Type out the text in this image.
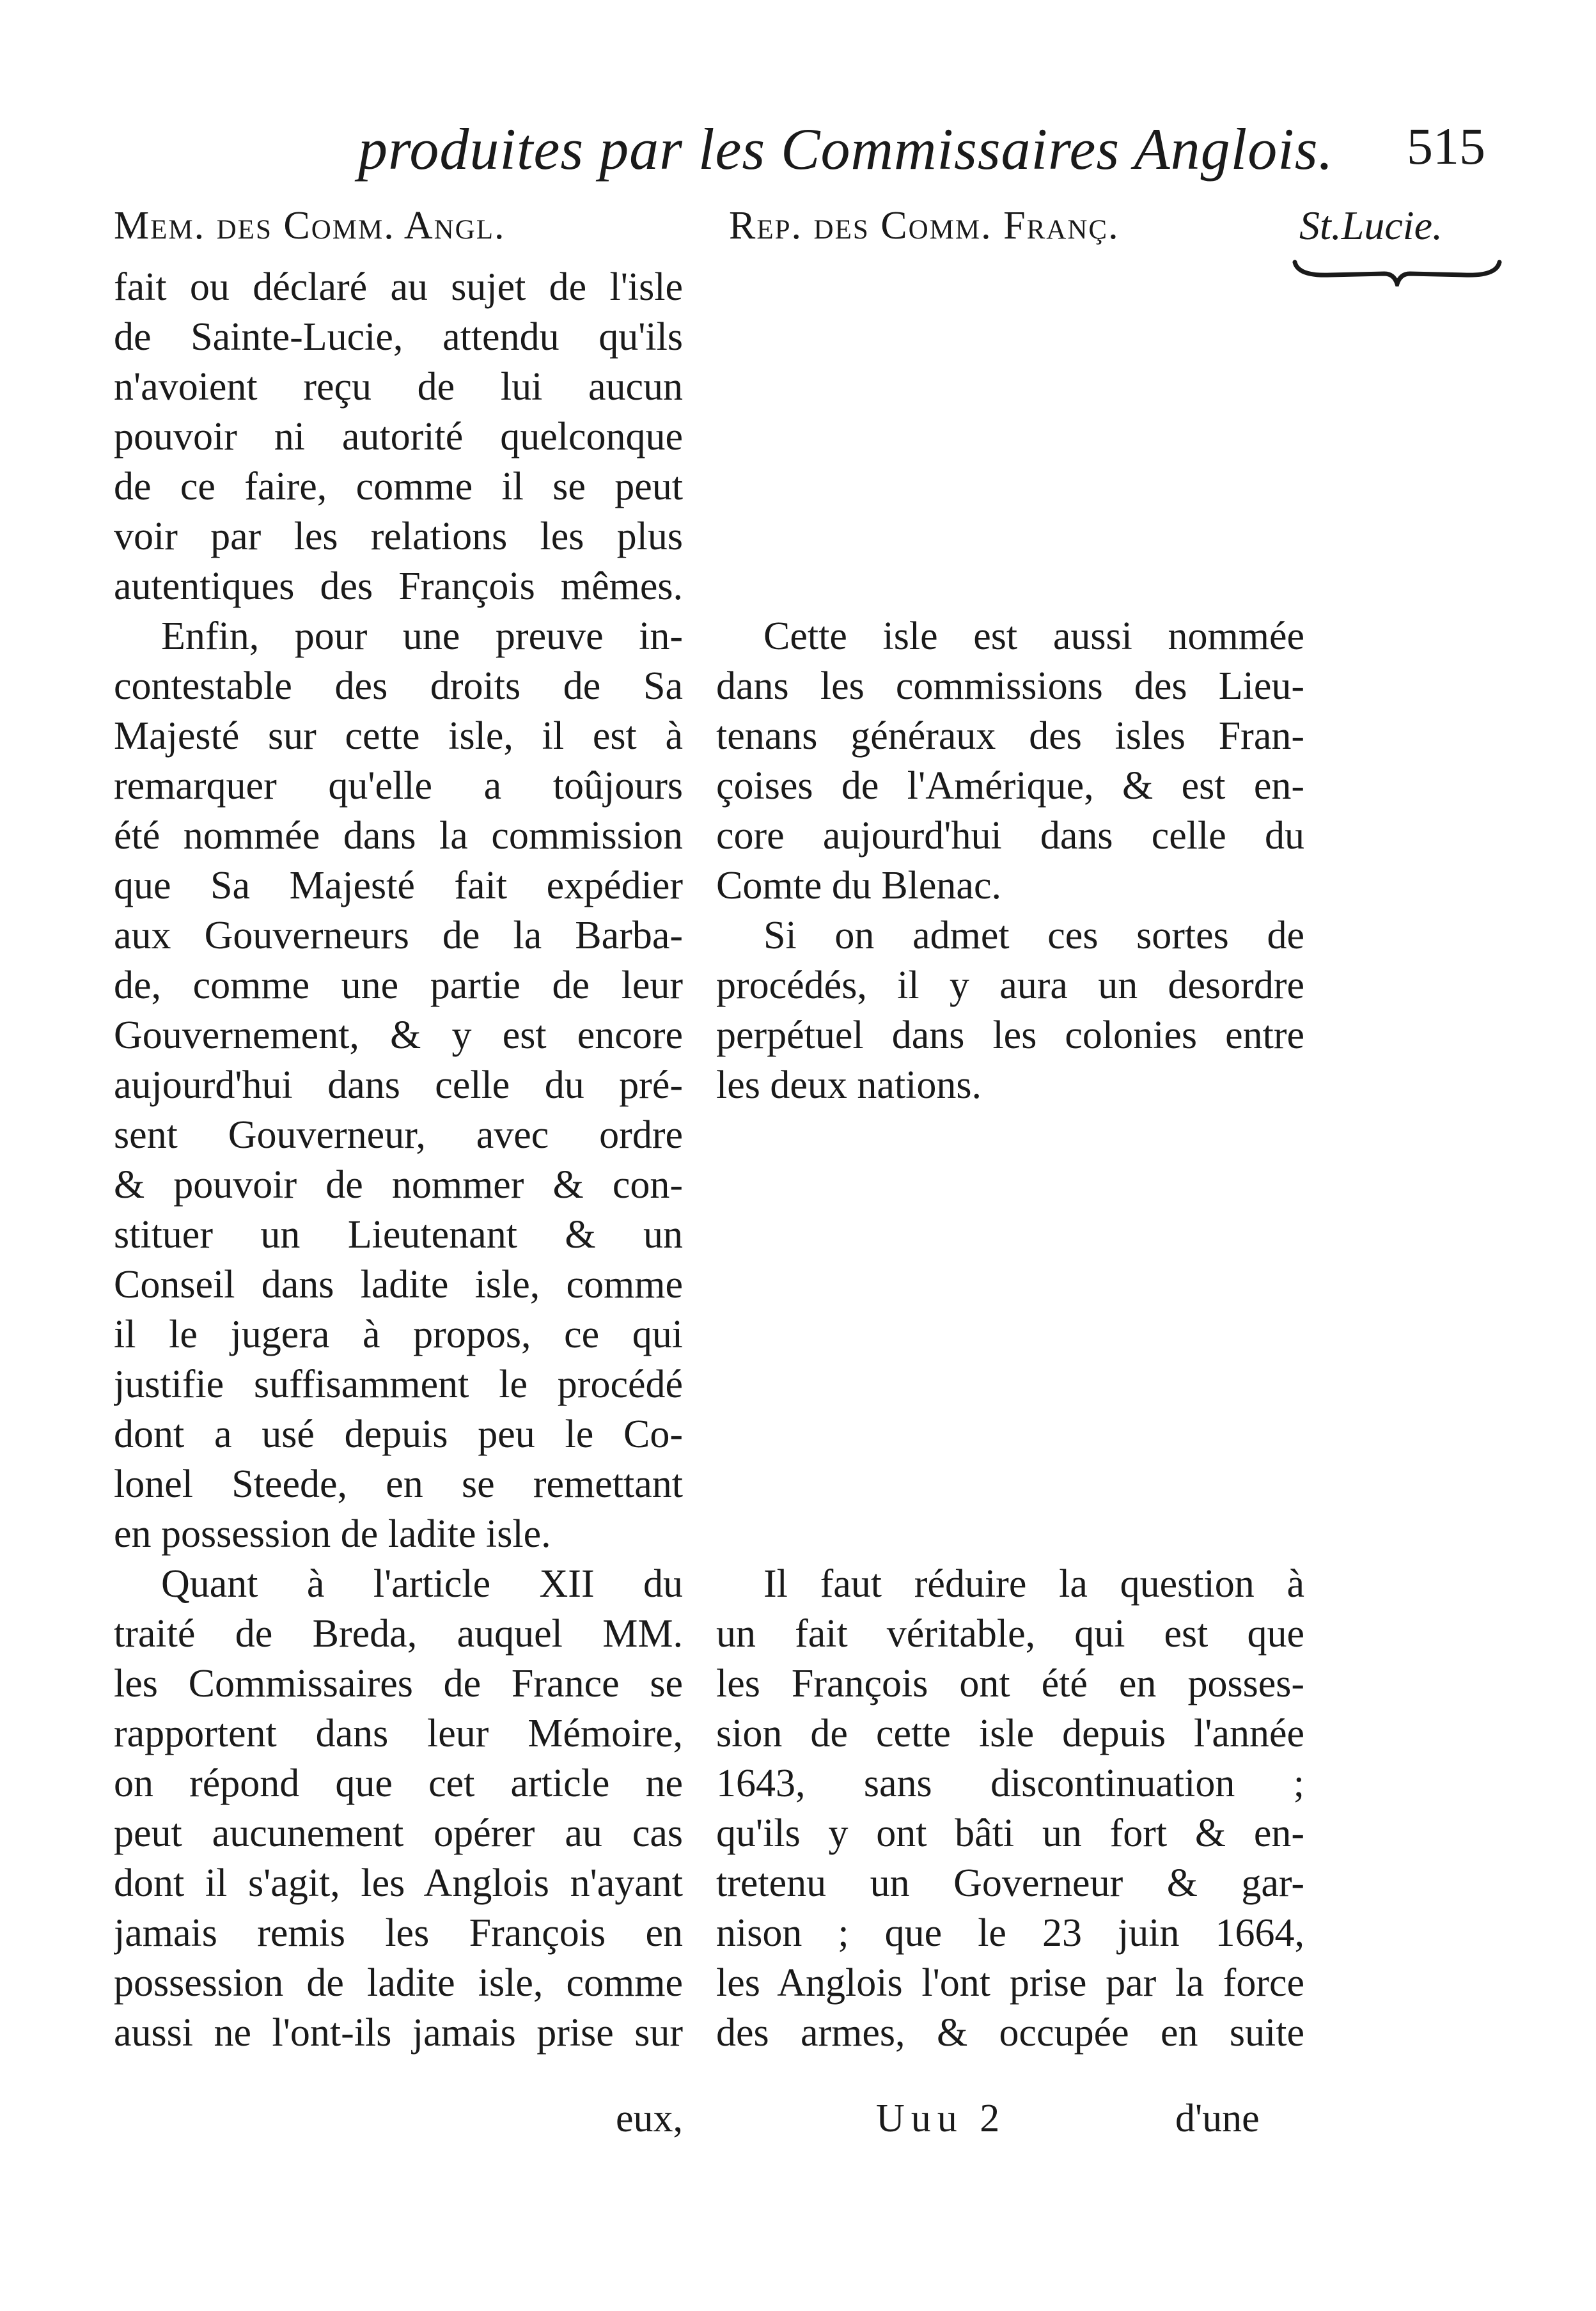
produites par les Commissaires Anglois. 515
Mem. des Comm. Angl.	Rep. des Comm. Franç.	St.Lucie.
fait ou déclaré au sujet de l'isle
de Sainte-Lucie, attendu qu'ils
n'avoient reçu de lui aucun
pouvoir ni autorité quelconque
de ce faire, comme il se peut
voir par les relations les plus
autentiques des François mêmes.
Enfin, pour une preuve in-
contestable des droits de Sa
Majesté sur cette isle, il est à
remarquer qu'elle a toûjours
été nommée dans la commission
que Sa Majesté fait expédier
aux Gouverneurs de la Barba-
de, comme une partie de leur
Gouvernement, & y est encore
aujourd'hui dans celle du pré-
sent Gouverneur, avec ordre
& pouvoir de nommer & con-
stituer un Lieutenant & un
Conseil dans ladite isle, comme
il le jugera à propos, ce qui
justifie suffisamment le procédé
dont a usé depuis peu le Co-
lonel Steede, en se remettant
en possession de ladite isle.
Quant à l'article XII du
traité de Breda, auquel MM.
les Commissaires de France se
rapportent dans leur Mémoire,
on répond que cet article ne
peut aucunement opérer au cas
dont il s'agit, les Anglois n'ayant
jamais remis les François en
possession de ladite isle, comme
aussi ne l'ont-ils jamais prise sur
Cette isle est aussi nommée
dans les commissions des Lieu-
tenans généraux des isles Fran-
çoises de l'Amérique, & est en-
core aujourd'hui dans celle du
Comte du Blenac.
Si on admet ces sortes de
procédés, il y aura un desordre
perpétuel dans les colonies entre
les deux nations.
Il faut réduire la question à
un fait véritable, qui est que
les François ont été en posses-
sion de cette isle depuis l'année
1643, sans discontinuation ;
qu'ils y ont bâti un fort & en-
tretenu un Governeur & gar-
nison ; que le 23 juin 1664,
les Anglois l'ont prise par la force
des armes, & occupée en suite
eux,	Uuu 2	d'une
